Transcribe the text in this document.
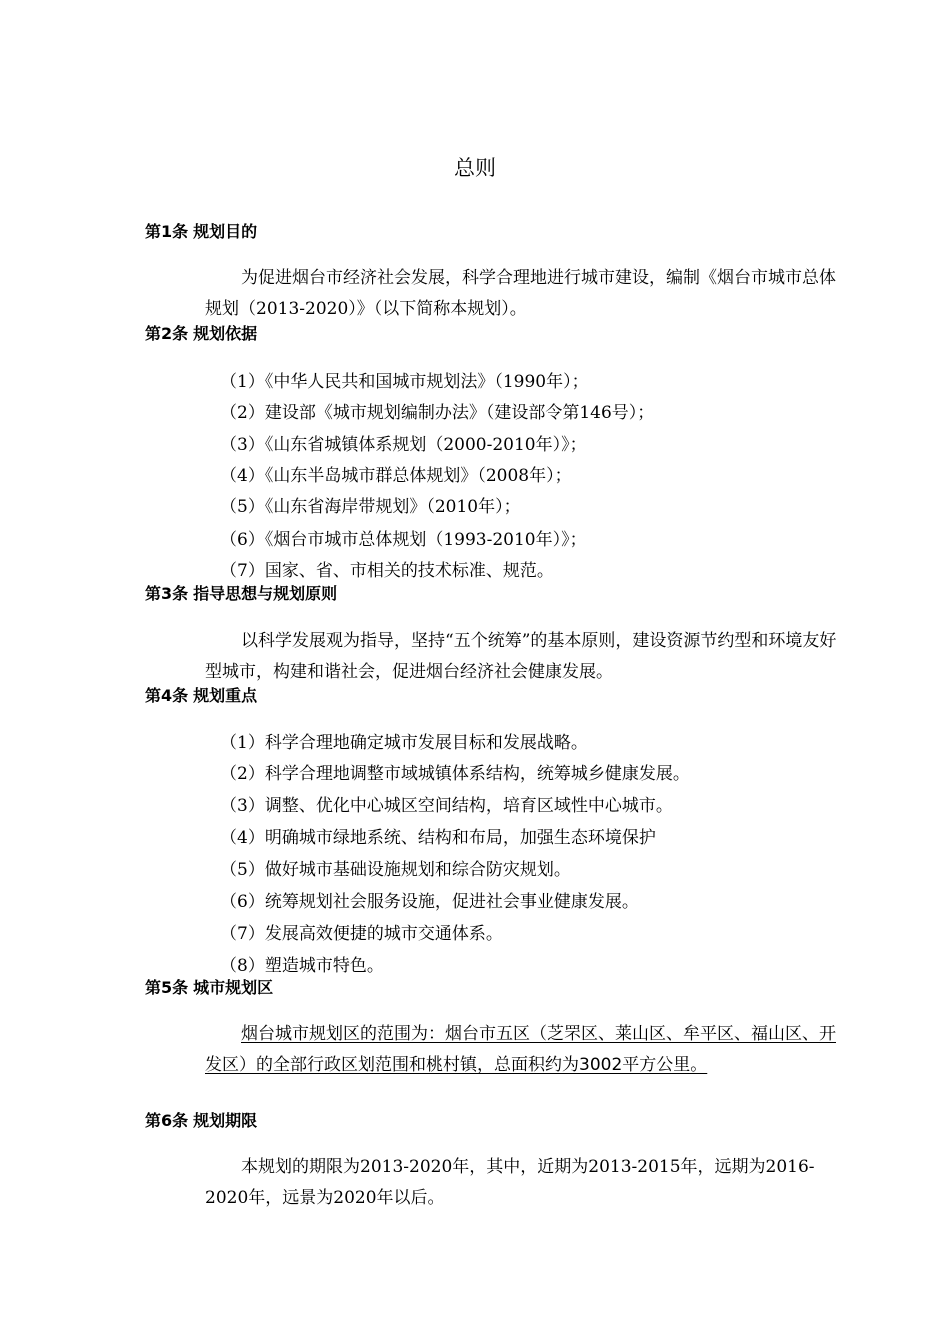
总则
第1条 规划目的

为促进烟台市经济社会发展，科学合理地进行城市建设，编制《烟台市城市总体规划（2013-2020）》（以下简称本规划）。

第2条 规划依据
（1）《中华人民共和国城市规划法》（1990年）；
（2）建设部《城市规划编制办法》（建设部令第146号）；
（3）《山东省城镇体系规划（2000-2010年）》；
（4）《山东半岛城市群总体规划》（2008年）；
（5）《山东省海岸带规划》（2010年）；
（6）《烟台市城市总体规划（1993-2010年）》；
（7）国家、省、市相关的技术标准、规范。
第3条 指导思想与规划原则

以科学发展观为指导，坚持“五个统筹”的基本原则，建设资源节约型和环境友好型城市，构建和谐社会，促进烟台经济社会健康发展。

第4条 规划重点
（1）科学合理地确定城市发展目标和发展战略。
（2）科学合理地调整市域城镇体系结构，统筹城乡健康发展。
（3）调整、优化中心城区空间结构，培育区域性中心城市。
（4）明确城市绿地系统、结构和布局，加强生态环境保护
（5）做好城市基础设施规划和综合防灾规划。
（6）统筹规划社会服务设施，促进社会事业健康发展。
（7）发展高效便捷的城市交通体系。
（8）塑造城市特色。
第5条 城市规划区

烟台城市规划区的范围为：烟台市五区（芝罘区、莱山区、牟平区、福山区、开发区）的全部行政区划范围和桃村镇，总面积约为3002平方公里。

第6条 规划期限

本规划的期限为2013-2020年，其中，近期为2013-2015年，远期为2016-2020年，远景为2020年以后。
